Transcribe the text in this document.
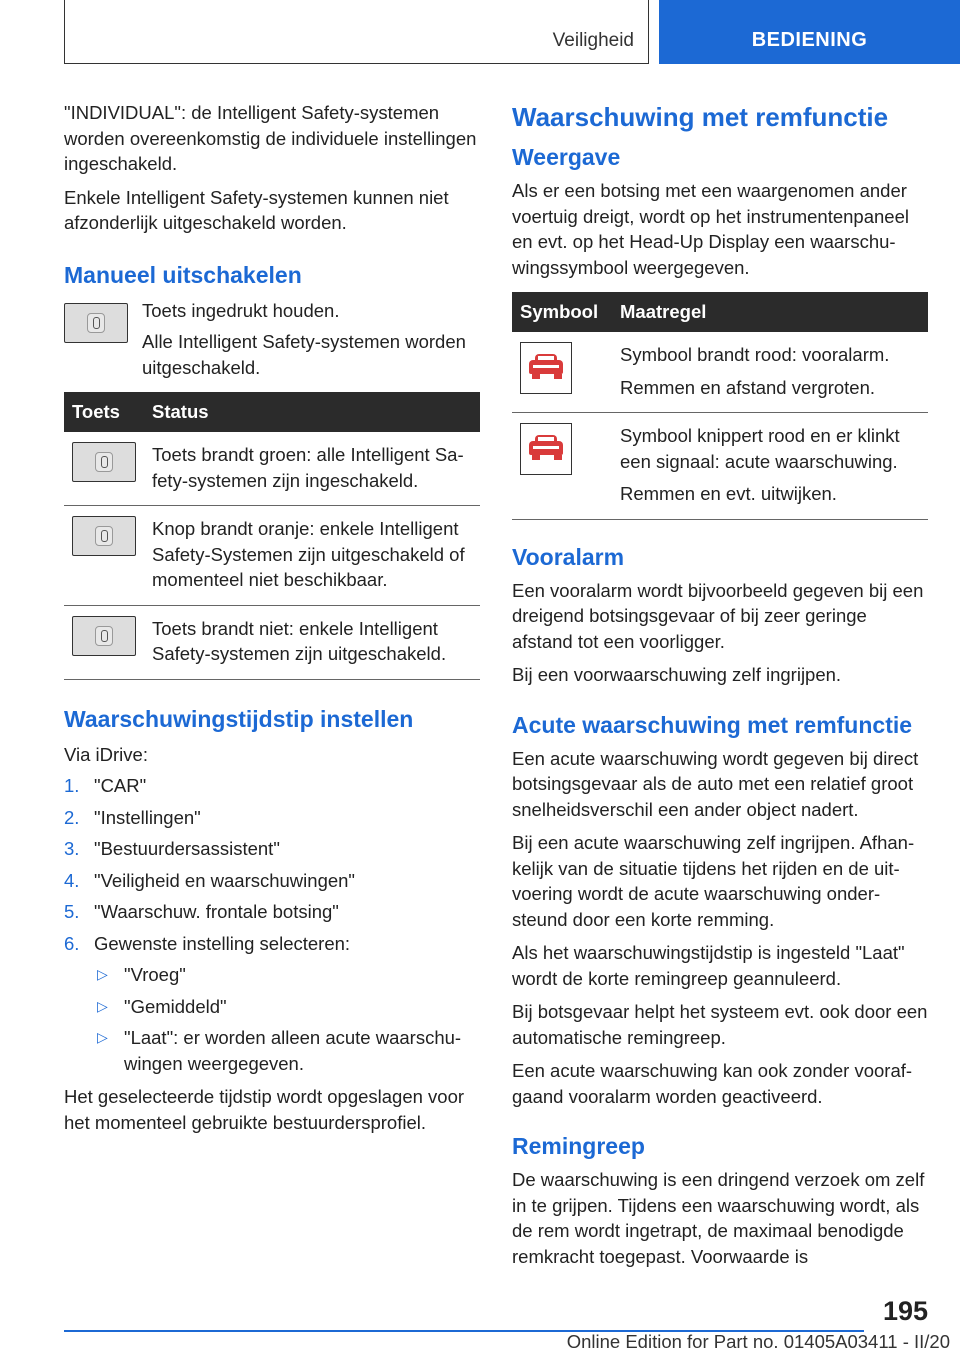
Veiligheid	BEDIENING

"INDIVIDUAL": de Intelligent Safety-systemen worden overeenkomstig de individuele instellingen ingeschakeld.

Enkele Intelligent Safety-systemen kunnen niet afzonderlijk uitgeschakeld worden.

Manueel uitschakelen

Toets ingedrukt houden.

Alle Intelligent Safety-systemen worden uitgeschakeld.

Toets	Status

	Toets brandt groen: alle Intelligent Safety-systemen zijn ingeschakeld.

	Knop brandt oranje: enkele Intelligent Safety-Systemen zijn uitgeschakeld of momenteel niet beschikbaar.

	Toets brandt niet: enkele Intelligent Safety-systemen zijn uitgeschakeld.

Waarschuwingstijdstip instellen

Via iDrive:

1. "CAR"
2. "Instellingen"
3. "Bestuurdersassistent"
4. "Veiligheid en waarschuwingen"
5. "Waarschuw. frontale botsing"
6. Gewenste instelling selecteren:
▷ "Vroeg"
▷ "Gemiddeld"
▷ "Laat": er worden alleen acute waarschuwingen weergegeven.

Het geselecteerde tijdstip wordt opgeslagen voor het momenteel gebruikte bestuurdersprofiel.

Waarschuwing met remfunctie
Weergave

Als er een botsing met een waargenomen ander voertuig dreigt, wordt op het instrumentenpaneel en evt. op het Head-Up Display een waarschuwingssymbool weergegeven.

Symbool	Maatregel

	Symbool brandt rood: vooralarm.

Remmen en afstand vergroten.

	Symbool knippert rood en er klinkt een signaal: acute waarschuwing.

Remmen en evt. uitwijken.

Vooralarm

Een vooralarm wordt bijvoorbeeld gegeven bij een dreigend botsingsgevaar of bij zeer geringe afstand tot een voorligger.

Bij een voorwaarschuwing zelf ingrijpen.

Acute waarschuwing met remfunctie

Een acute waarschuwing wordt gegeven bij direct botsingsgevaar als de auto met een relatief groot snelheidsverschil een ander object nadert.

Bij een acute waarschuwing zelf ingrijpen. Afhankelijk van de situatie tijdens het rijden en de uitvoering wordt de acute waarschuwing ondersteund door een korte remming.

Als het waarschuwingstijdstip is ingesteld "Laat" wordt de korte remingreep geannuleerd.

Bij botsgevaar helpt het systeem evt. ook door een automatische remingreep.

Een acute waarschuwing kan ook zonder voorafgaand vooralarm worden geactiveerd.

Remingreep

De waarschuwing is een dringend verzoek om zelf in te grijpen. Tijdens een waarschuwing wordt, als de rem wordt ingetrapt, de maximaal benodigde remkracht toegepast. Voorwaarde is

195
Online Edition for Part no. 01405A03411 - II/20
